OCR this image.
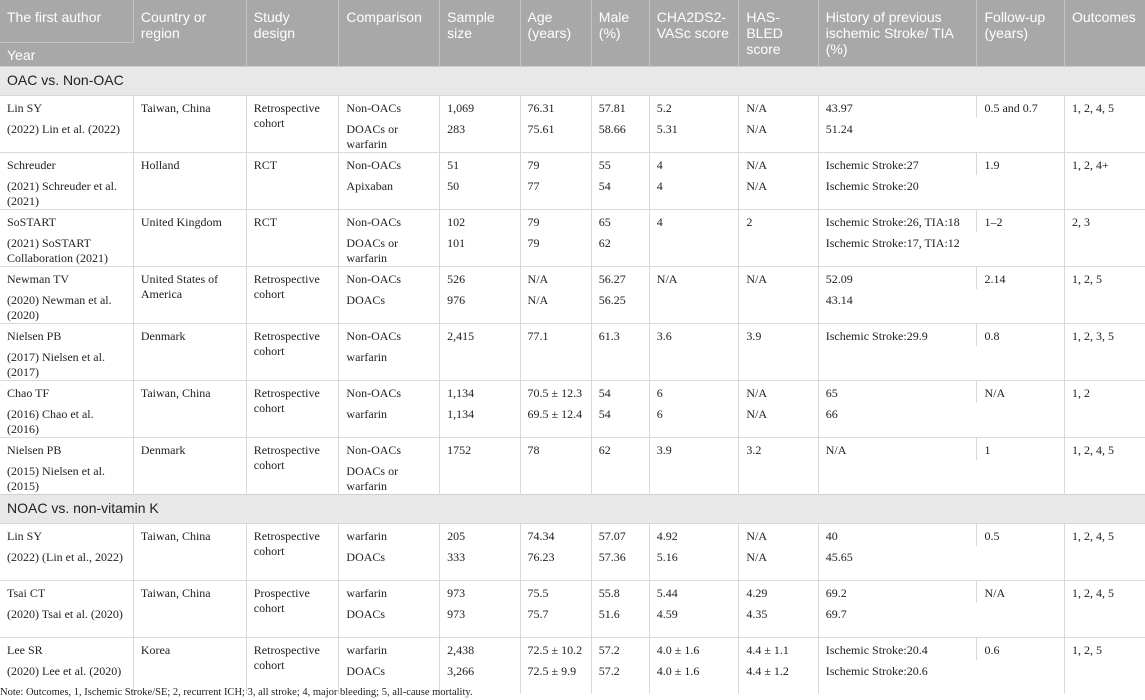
The first author	Country or region	Study design	Comparison	Sample size	Age (years)	Male (%)	CHA2DS2-VASc score	HAS-BLED score	History of previous ischemic Stroke/ TIA (%)	Follow-up (years)	Outcomes
Year											
OAC vs. Non-OAC											
Lin SY	Taiwan, China	Retrospective cohort	Non-OACs	1,069	76.31	57.81	5.2	N/A	43.97	0.5 and 0.7	1, 2, 4, 5
(2022) Lin et al. (2022)			DOACs or warfarin	283	75.61	58.66	5.31	N/A	51.24		
Schreuder	Holland	RCT	Non-OACs	51	79	55	4	N/A	Ischemic Stroke:27	1.9	1, 2, 4+
(2021) Schreuder et al. (2021)			Apixaban	50	77	54	4	N/A	Ischemic Stroke:20		
SoSTART	United Kingdom	RCT	Non-OACs	102	79	65	4	2	Ischemic Stroke:26, TIA:18	1–2	2, 3
(2021) SoSTART Collaboration (2021)			DOACs or warfarin	101	79	62			Ischemic Stroke:17, TIA:12		
Newman TV	United States of America	Retrospective cohort	Non-OACs	526	N/A	56.27	N/A	N/A	52.09	2.14	1, 2, 5
(2020) Newman et al. (2020)			DOACs	976	N/A	56.25			43.14		
Nielsen PB	Denmark	Retrospective cohort	Non-OACs	2,415	77.1	61.3	3.6	3.9	Ischemic Stroke:29.9	0.8	1, 2, 3, 5
(2017) Nielsen et al. (2017)			warfarin								
Chao TF	Taiwan, China	Retrospective cohort	Non-OACs	1,134	70.5 ± 12.3	54	6	N/A	65	N/A	1, 2
(2016) Chao et al. (2016)			warfarin	1,134	69.5 ± 12.4	54	6	N/A	66		
Nielsen PB	Denmark	Retrospective cohort	Non-OACs	1752	78	62	3.9	3.2	N/A	1	1, 2, 4, 5
(2015) Nielsen et al. (2015)			DOACs or warfarin								
NOAC vs. non-vitamin K											
Lin SY	Taiwan, China	Retrospective cohort	warfarin	205	74.34	57.07	4.92	N/A	40	0.5	1, 2, 4, 5
(2022) (Lin et al., 2022)			DOACs	333	76.23	57.36	5.16	N/A	45.65		
Tsai CT	Taiwan, China	Prospective cohort	warfarin	973	75.5	55.8	5.44	4.29	69.2	N/A	1, 2, 4, 5
(2020) Tsai et al. (2020)			DOACs	973	75.7	51.6	4.59	4.35	69.7		
Lee SR	Korea	Retrospective cohort	warfarin	2,438	72.5 ± 10.2	57.2	4.0 ± 1.6	4.4 ± 1.1	Ischemic Stroke:20.4	0.6	1, 2, 5
(2020) Lee et al. (2020)			DOACs	3,266	72.5 ± 9.9	57.2	4.0 ± 1.6	4.4 ± 1.2	Ischemic Stroke:20.6		
Note: Outcomes, 1, Ischemic Stroke/SE; 2, recurrent ICH; 3, all stroke; 4, major bleeding; 5, all-cause mortality.
